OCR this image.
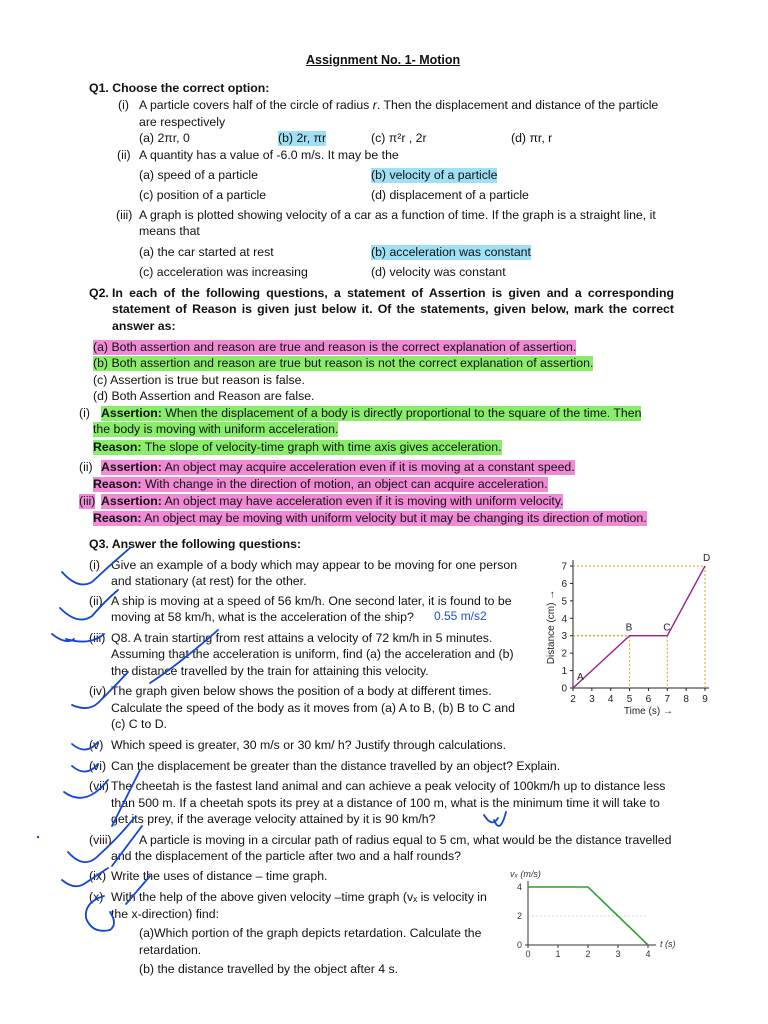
Assignment No. 1- Motion
Q1. Choose the correct option:
(i) A particle covers half of the circle of radius r. Then the displacement and distance of the particle
are respectively
(a) 2πr, 0	(b) 2r, πr	(c) π²r , 2r	(d) πr, r
(ii) A quantity has a value of -6.0 m/s. It may be the
(a) speed of a particle	(b) velocity of a particle
(c) position of a particle	(d) displacement of a particle
(iii) A graph is plotted showing velocity of a car as a function of time. If the graph is a straight line, it
means that
(a) the car started at rest	(b) acceleration was constant
(c) acceleration was increasing	(d) velocity was constant
Q2. In each of the following questions, a statement of Assertion is given and a corresponding
statement of Reason is given just below it. Of the statements, given below, mark the correct
answer as:
(a) Both assertion and reason are true and reason is the correct explanation of assertion.
(b) Both assertion and reason are true but reason is not the correct explanation of assertion.
(c) Assertion is true but reason is false.
(d) Both Assertion and Reason are false.
(i) Assertion: When the displacement of a body is directly proportional to the square of the time. Then
the body is moving with uniform acceleration.
Reason: The slope of velocity-time graph with time axis gives acceleration.
(ii) Assertion: An object may acquire acceleration even if it is moving at a constant speed.
Reason: With change in the direction of motion, an object can acquire acceleration.
(iii) Assertion: An object may have acceleration even if it is moving with uniform velocity.
Reason: An object may be moving with uniform velocity but it may be changing its direction of motion.
Q3. Answer the following questions:
(i) Give an example of a body which may appear to be moving for one person
and stationary (at rest) for the other.
(ii) A ship is moving at a speed of 56 km/h. One second later, it is found to be
moving at 58 km/h, what is the acceleration of the ship? 0.55 m/s2
(iii) Q8. A train starting from rest attains a velocity of 72 km/h in 5 minutes.
Assuming that the acceleration is uniform, find (a) the acceleration and (b)
the distance travelled by the train for attaining this velocity.
(iv) The graph given below shows the position of a body at different times.
Calculate the speed of the body as it moves from (a) A to B, (b) B to C and
(c) C to D.
(v) Which speed is greater, 30 m/s or 30 km/ h? Justify through calculations.
(vi) Can the displacement be greater than the distance travelled by an object? Explain.
(vii) The cheetah is the fastest land animal and can achieve a peak velocity of 100km/h up to distance less
than 500 m. If a cheetah spots its prey at a distance of 100 m, what is the minimum time it will take to
get its prey, if the average velocity attained by it is 90 km/h?
(viii) A particle is moving in a circular path of radius equal to 5 cm, what would be the distance travelled
and the displacement of the particle after two and a half rounds?
(ix) Write the uses of distance – time graph.
(x) With the help of the above given velocity –time graph (vₓ is velocity in
the x-direction) find:
(a)Which portion of the graph depicts retardation. Calculate the
retardation.
(b) the distance travelled by the object after 4 s.
2 3 4 5 6 7 8 9
0
1
2
3
4
5
6
7
A
B	C
D
Time (s) →
Distance (cm) →
0	1	2	3	4
0
2
4
vₓ (m/s)
t (s)
